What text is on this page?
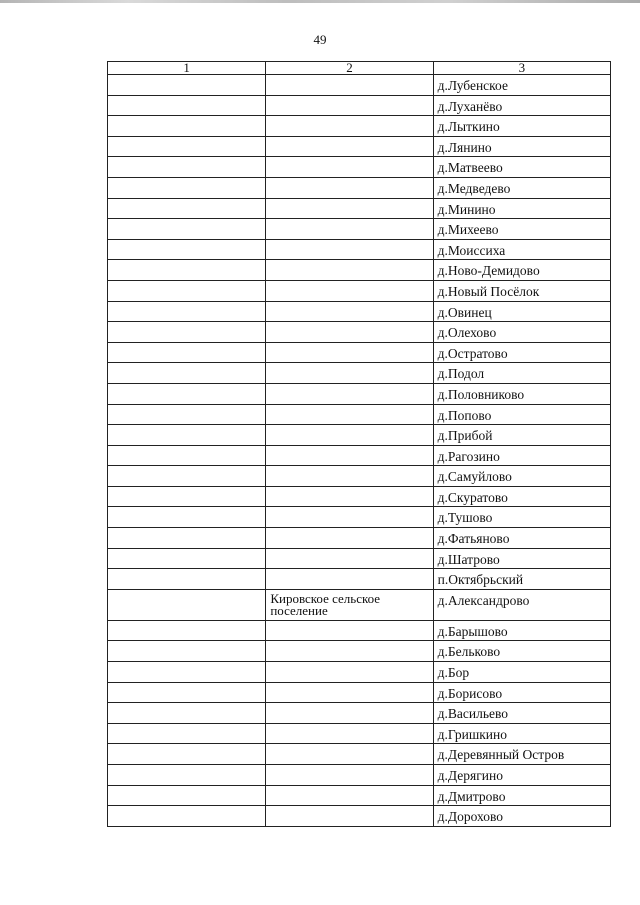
49
1	2	3
		д.Лубенское
		д.Луханёво
		д.Лыткино
		д.Лянино
		д.Матвеево
		д.Медведево
		д.Минино
		д.Михеево
		д.Моиссиха
		д.Ново-Демидово
		д.Новый Посёлок
		д.Овинец
		д.Олехово
		д.Остратово
		д.Подол
		д.Половниково
		д.Попово
		д.Прибой
		д.Рагозино
		д.Самуйлово
		д.Скуратово
		д.Тушово
		д.Фатьяново
		д.Шатрово
		п.Октябрьский
	Кировское сельское поселение	д.Александрово
		д.Барышово
		д.Бельково
		д.Бор
		д.Борисово
		д.Васильево
		д.Гришкино
		д.Деревянный Остров
		д.Дерягино
		д.Дмитрово
		д.Дорохово
